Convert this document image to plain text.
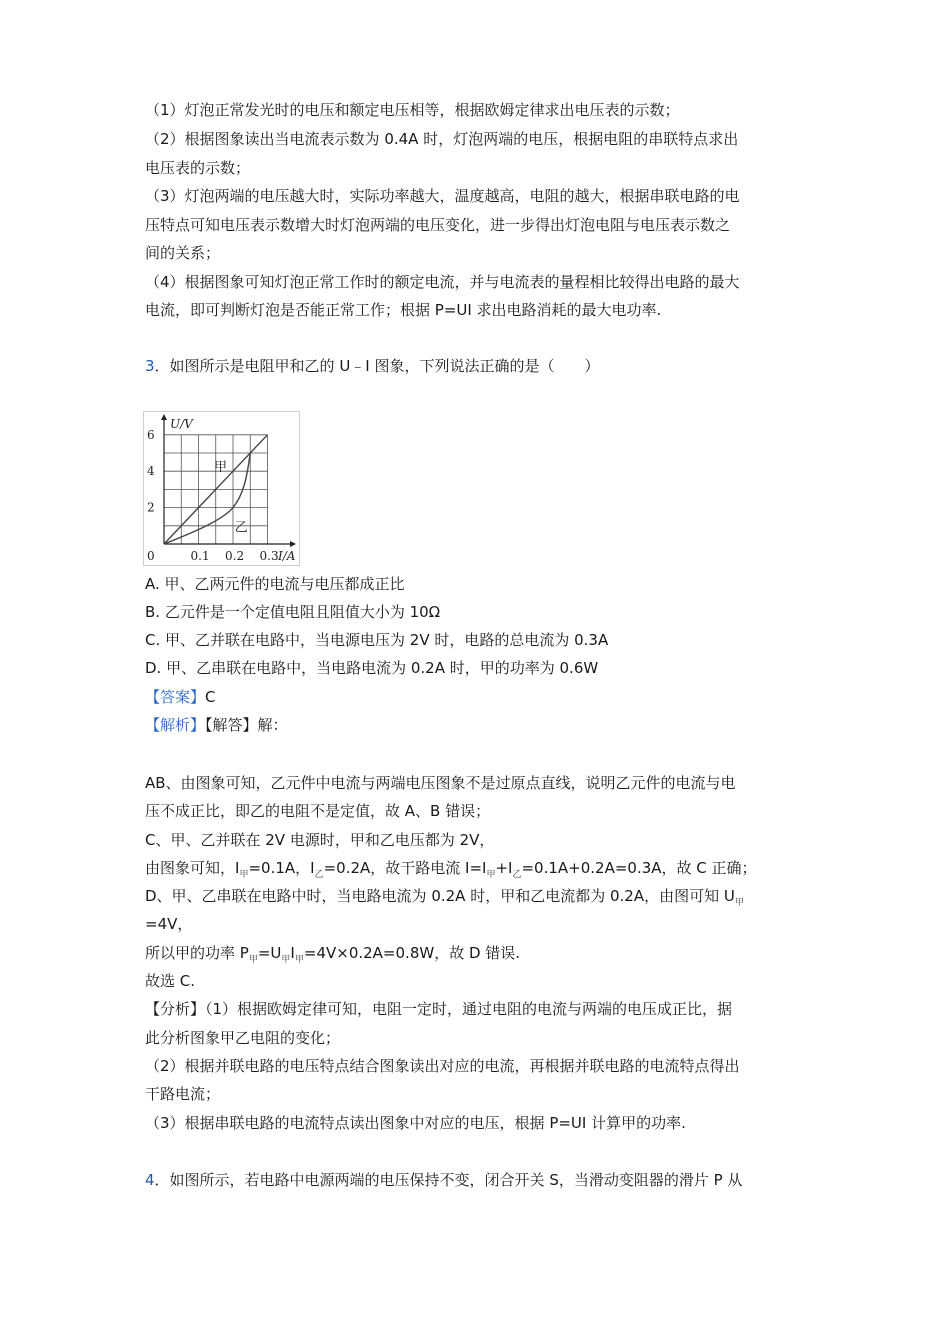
（1）灯泡正常发光时的电压和额定电压相等，根据欧姆定律求出电压表的示数；
（2）根据图象读出当电流表示数为 0.4A 时，灯泡两端的电压，根据电阻的串联特点求出
电压表的示数；
（3）灯泡两端的电压越大时，实际功率越大，温度越高，电阻的越大，根据串联电路的电
压特点可知电压表示数增大时灯泡两端的电压变化，进一步得出灯泡电阻与电压表示数之
间的关系；
（4）根据图象可知灯泡正常工作时的额定电流，并与电流表的量程相比较得出电路的最大
电流，即可判断灯泡是否能正常工作；根据 P=UI 求出电路消耗的最大电功率.
3．如图所示是电阻甲和乙的 U﹣I 图象，下列说法正确的是（　　）
U/V
I/A
0	0.1 0.2 0.3
2
4
6
甲
乙
A. 甲、乙两元件的电流与电压都成正比
B. 乙元件是一个定值电阻且阻值大小为 10Ω
C. 甲、乙并联在电路中，当电源电压为 2V 时，电路的总电流为 0.3A
D. 甲、乙串联在电路中，当电路电流为 0.2A 时，甲的功率为 0.6W
【答案】C
【解析】【解答】解：
AB、由图象可知，乙元件中电流与两端电压图象不是过原点直线，说明乙元件的电流与电
压不成正比，即乙的电阻不是定值，故 A、B 错误；
C、甲、乙并联在 2V 电源时，甲和乙电压都为 2V，
由图象可知，$I_甲=0.1A$，$I_乙=0.2A$，故干路电流 $I=I_甲+I_乙=0.1A+0.2A=0.3A$，故 C 正确；
D、甲、乙串联在电路中时，当电路电流为 0.2A 时，甲和乙电流都为 0.2A，由图可知 $U_甲$
=4V，
所以甲的功率 $P_甲=U_甲I_甲=4V\times 0.2A=0.8W$，故 D 错误.
故选 C.
【分析】（1）根据欧姆定律可知，电阻一定时，通过电阻的电流与两端的电压成正比，据
此分析图象甲乙电阻的变化；
（2）根据并联电路的电压特点结合图象读出对应的电流，再根据并联电路的电流特点得出
干路电流；
（3）根据串联电路的电流特点读出图象中对应的电压，根据 P=UI 计算甲的功率.
4．如图所示，若电路中电源两端的电压保持不变，闭合开关 S，当滑动变阻器的滑片 P 从
